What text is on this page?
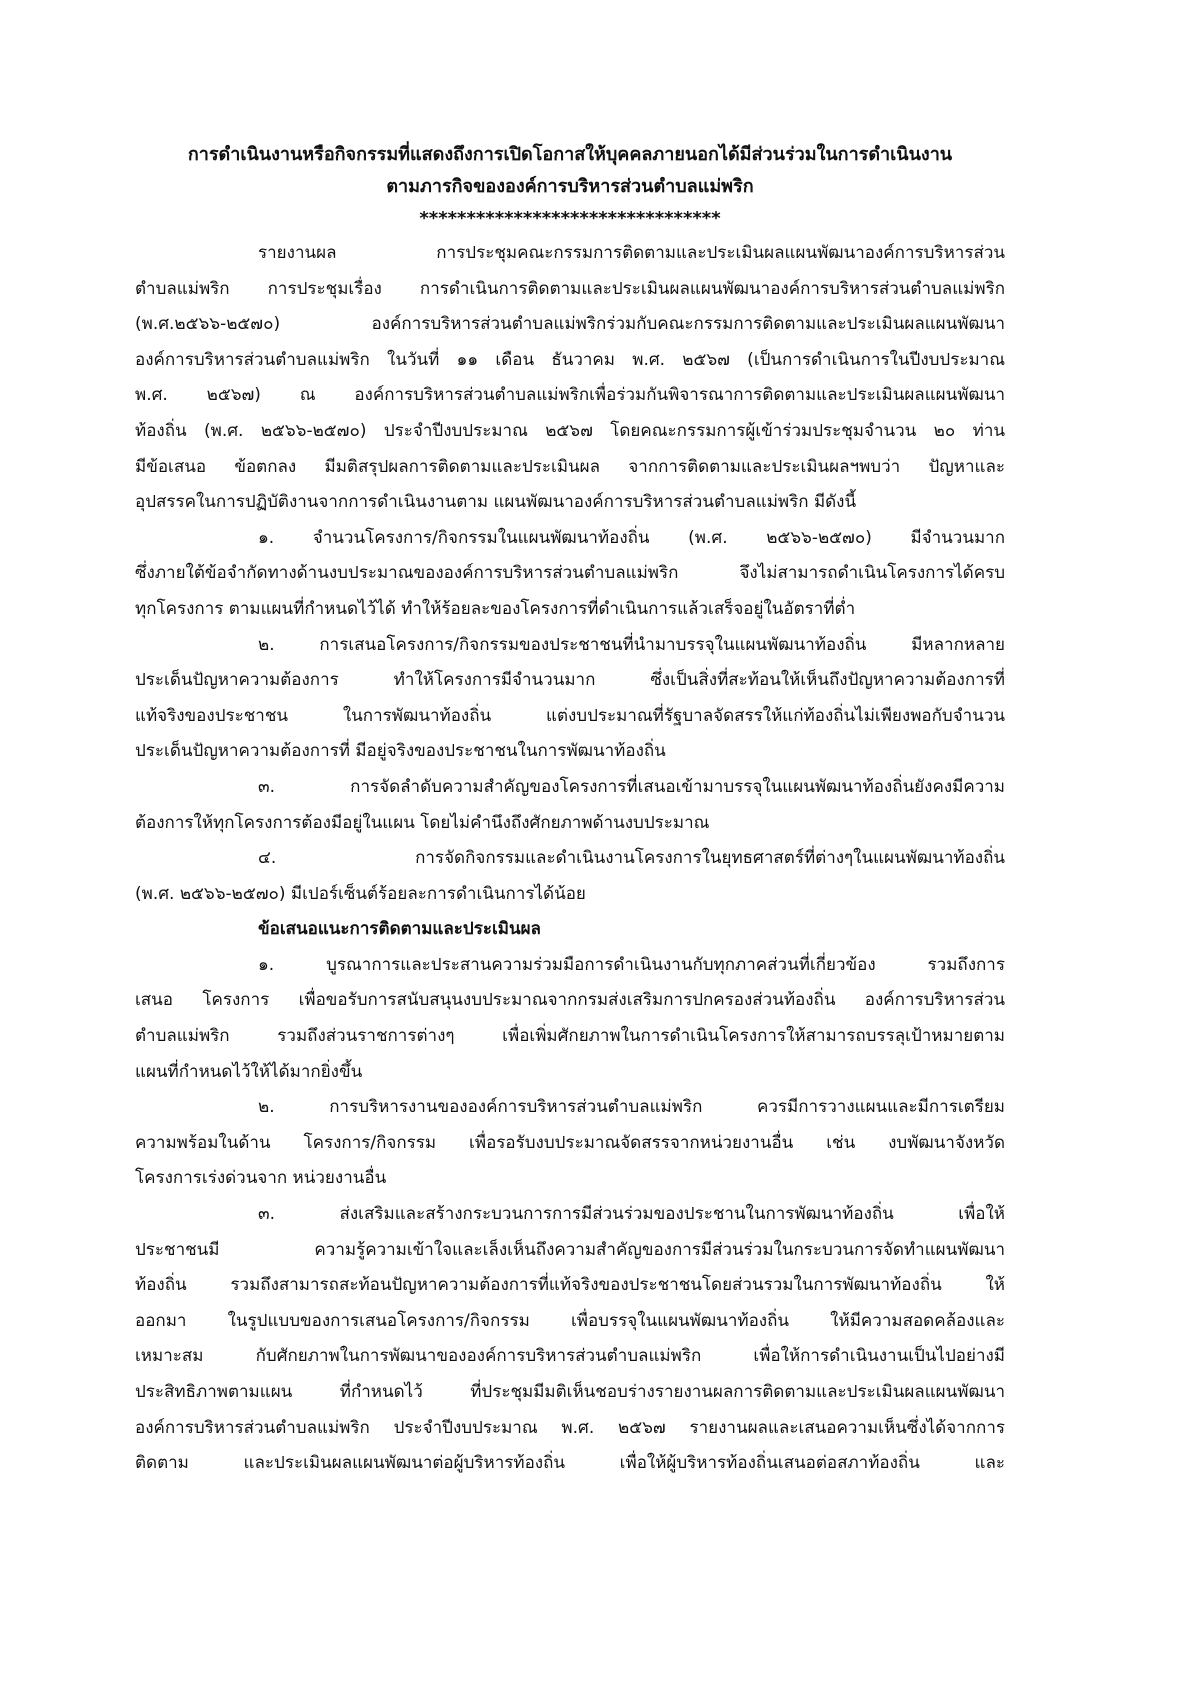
การดำเนินงานหรือกิจกรรมที่แสดงถึงการเปิดโอกาสให้บุคคลภายนอกได้มีส่วนร่วมในการดำเนินงาน
ตามภารกิจขององค์การบริหารส่วนตำบลแม่พริก
********************************
รายงานผล การประชุมคณะกรรมการติดตามและประเมินผลแผนพัฒนาองค์การบริหารส่วน
ตำบลแม่พริก การประชุมเรื่อง การดำเนินการติดตามและประเมินผลแผนพัฒนาองค์การบริหารส่วนตำบลแม่พริก
(พ.ศ.๒๕๖๖-๒๕๗๐) องค์การบริหารส่วนตำบลแม่พริกร่วมกับคณะกรรมการติดตามและประเมินผลแผนพัฒนา
องค์การบริหารส่วนตำบลแม่พริก ในวันที่ ๑๑ เดือน ธันวาคม พ.ศ. ๒๕๖๗ (เป็นการดำเนินการในปีงบประมาณ
พ.ศ. ๒๕๖๗) ณ องค์การบริหารส่วนตำบลแม่พริกเพื่อร่วมกันพิจารณาการติดตามและประเมินผลแผนพัฒนา
ท้องถิ่น (พ.ศ. ๒๕๖๖-๒๕๗๐) ประจำปีงบประมาณ ๒๕๖๗ โดยคณะกรรมการผู้เข้าร่วมประชุมจำนวน ๒๐ ท่าน
มีข้อเสนอ ข้อตกลง มีมติสรุปผลการติดตามและประเมินผล จากการติดตามและประเมินผลฯพบว่า ปัญหาและ
อุปสรรคในการปฏิบัติงานจากการดำเนินงานตาม แผนพัฒนาองค์การบริหารส่วนตำบลแม่พริก มีดังนี้
๑. จำนวนโครงการ/กิจกรรมในแผนพัฒนาท้องถิ่น (พ.ศ. ๒๕๖๖-๒๕๗๐) มีจำนวนมาก
ซึ่งภายใต้ข้อจำกัดทางด้านงบประมาณขององค์การบริหารส่วนตำบลแม่พริก จึงไม่สามารถดำเนินโครงการได้ครบ
ทุกโครงการ ตามแผนที่กำหนดไว้ได้ ทำให้ร้อยละของโครงการที่ดำเนินการแล้วเสร็จอยู่ในอัตราที่ต่ำ
๒. การเสนอโครงการ/กิจกรรมของประชาชนที่นำมาบรรจุในแผนพัฒนาท้องถิ่น มีหลากหลาย
ประเด็นปัญหาความต้องการ ทำให้โครงการมีจำนวนมาก ซึ่งเป็นสิ่งที่สะท้อนให้เห็นถึงปัญหาความต้องการที่
แท้จริงของประชาชน ในการพัฒนาท้องถิ่น แต่งบประมาณที่รัฐบาลจัดสรรให้แก่ท้องถิ่นไม่เพียงพอกับจำนวน
ประเด็นปัญหาความต้องการที่ มีอยู่จริงของประชาชนในการพัฒนาท้องถิ่น
๓. การจัดลำดับความสำคัญของโครงการที่เสนอเข้ามาบรรจุในแผนพัฒนาท้องถิ่นยังคงมีความ
ต้องการให้ทุกโครงการต้องมีอยู่ในแผน โดยไม่คำนึงถึงศักยภาพด้านงบประมาณ
๔. การจัดกิจกรรมและดำเนินงานโครงการในยุทธศาสตร์ที่ต่างๆในแผนพัฒนาท้องถิ่น
(พ.ศ. ๒๕๖๖-๒๕๗๐) มีเปอร์เซ็นต์ร้อยละการดำเนินการได้น้อย
ข้อเสนอแนะการติดตามและประเมินผล
๑. บูรณาการและประสานความร่วมมือการดำเนินงานกับทุกภาคส่วนที่เกี่ยวข้อง รวมถึงการ
เสนอ โครงการ เพื่อขอรับการสนับสนุนงบประมาณจากกรมส่งเสริมการปกครองส่วนท้องถิ่น องค์การบริหารส่วน
ตำบลแม่พริก รวมถึงส่วนราชการต่างๆ เพื่อเพิ่มศักยภาพในการดำเนินโครงการให้สามารถบรรลุเป้าหมายตาม
แผนที่กำหนดไว้ให้ได้มากยิ่งขึ้น
๒. การบริหารงานขององค์การบริหารส่วนตำบลแม่พริก ควรมีการวางแผนและมีการเตรียม
ความพร้อมในด้าน โครงการ/กิจกรรม เพื่อรอรับงบประมาณจัดสรรจากหน่วยงานอื่น เช่น งบพัฒนาจังหวัด
โครงการเร่งด่วนจาก หน่วยงานอื่น
๓. ส่งเสริมและสร้างกระบวนการการมีส่วนร่วมของประชานในการพัฒนาท้องถิ่น เพื่อให้
ประชาชนมี ความรู้ความเข้าใจและเล็งเห็นถึงความสำคัญของการมีส่วนร่วมในกระบวนการจัดทำแผนพัฒนา
ท้องถิ่น รวมถึงสามารถสะท้อนปัญหาความต้องการที่แท้จริงของประชาชนโดยส่วนรวมในการพัฒนาท้องถิ่น ให้
ออกมา ในรูปแบบของการเสนอโครงการ/กิจกรรม เพื่อบรรจุในแผนพัฒนาท้องถิ่น ให้มีความสอดคล้องและ
เหมาะสม กับศักยภาพในการพัฒนาขององค์การบริหารส่วนตำบลแม่พริก เพื่อให้การดำเนินงานเป็นไปอย่างมี
ประสิทธิภาพตามแผน ที่กำหนดไว้ ที่ประชุมมีมติเห็นชอบร่างรายงานผลการติดตามและประเมินผลแผนพัฒนา
องค์การบริหารส่วนตำบลแม่พริก ประจำปีงบประมาณ พ.ศ. ๒๕๖๗ รายงานผลและเสนอความเห็นซึ่งได้จากการ
ติดตาม และประเมินผลแผนพัฒนาต่อผู้บริหารท้องถิ่น เพื่อให้ผู้บริหารท้องถิ่นเสนอต่อสภาท้องถิ่น และ
